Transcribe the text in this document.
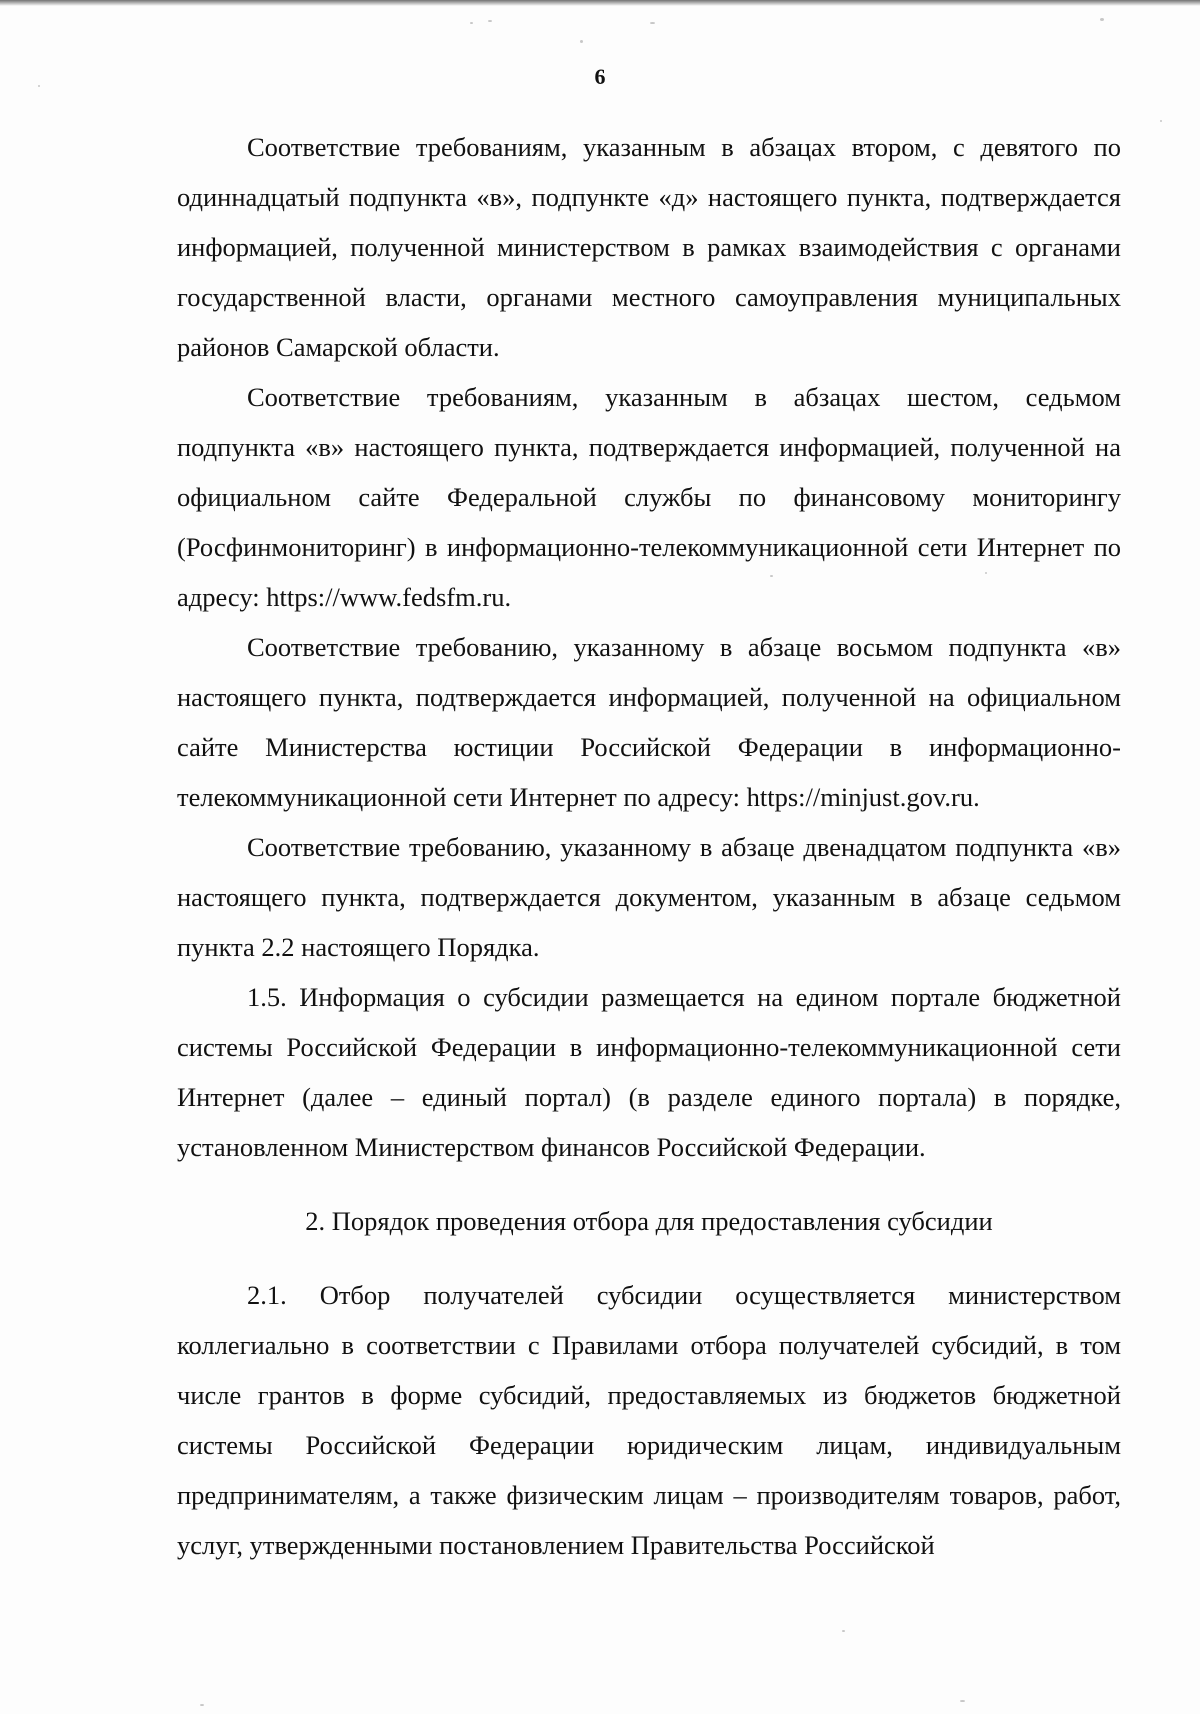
6

Соответствие требованиям, указанным в абзацах втором, с девятого по одиннадцатый подпункта «в», подпункте «д» настоящего пункта, подтверждается информацией, полученной министерством в рамках взаимодействия с органами государственной власти, органами местного самоуправления муниципальных районов Самарской области.

Соответствие требованиям, указанным в абзацах шестом, седьмом подпункта «в» настоящего пункта, подтверждается информацией, полученной на официальном сайте Федеральной службы по финансовому мониторингу (Росфинмониторинг) в информационно-телекоммуникационной сети Интернет по адресу: https://www.fedsfm.ru.

Соответствие требованию, указанному в абзаце восьмом подпункта «в» настоящего пункта, подтверждается информацией, полученной на официальном сайте Министерства юстиции Российской Федерации в информационно-телекоммуникационной сети Интернет по адресу: https://minjust.gov.ru.

Соответствие требованию, указанному в абзаце двенадцатом подпункта «в» настоящего пункта, подтверждается документом, указанным в абзаце седьмом пункта 2.2 настоящего Порядка.

1.5. Информация о субсидии размещается на едином портале бюджетной системы Российской Федерации в информационно-телекоммуникационной сети Интернет (далее – единый портал) (в разделе единого портала) в порядке, установленном Министерством финансов Российской Федерации.

2. Порядок проведения отбора для предоставления субсидии

2.1. Отбор получателей субсидии осуществляется министерством коллегиально в соответствии с Правилами отбора получателей субсидий, в том числе грантов в форме субсидий, предоставляемых из бюджетов бюджетной системы Российской Федерации юридическим лицам, индивидуальным предпринимателям, а также физическим лицам – производителям товаров, работ, услуг, утвержденными постановлением Правительства Российской
